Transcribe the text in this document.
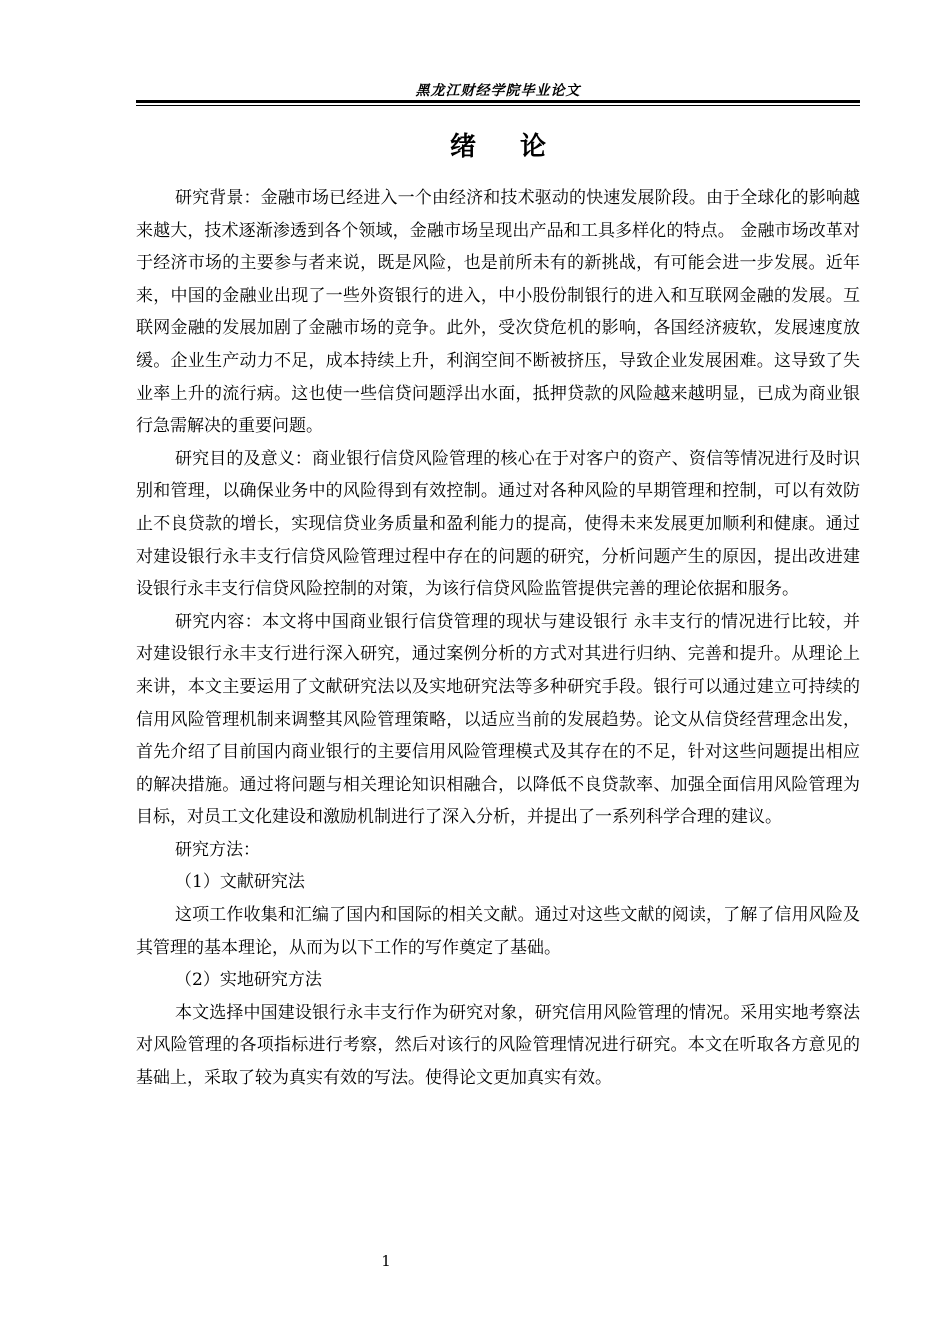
黑龙江财经学院毕业论文
绪 论

研究背景：金融市场已经进入一个由经济和技术驱动的快速发展阶段。由于全球化的影响越来越大，技术逐渐渗透到各个领域，金融市场呈现出产品和工具多样化的特点。 金融市场改革对于经济市场的主要参与者来说，既是风险，也是前所未有的新挑战，有可能会进一步发展。近年来，中国的金融业出现了一些外资银行的进入，中小股份制银行的进入和互联网金融的发展。互联网金融的发展加剧了金融市场的竞争。此外，受次贷危机的影响，各国经济疲软，发展速度放缓。企业生产动力不足，成本持续上升，利润空间不断被挤压，导致企业发展困难。这导致了失业率上升的流行病。这也使一些信贷问题浮出水面，抵押贷款的风险越来越明显，已成为商业银行急需解决的重要问题。

研究目的及意义：商业银行信贷风险管理的核心在于对客户的资产、资信等情况进行及时识别和管理，以确保业务中的风险得到有效控制。通过对各种风险的早期管理和控制，可以有效防止不良贷款的增长，实现信贷业务质量和盈利能力的提高，使得未来发展更加顺利和健康。通过对建设银行永丰支行信贷风险管理过程中存在的问题的研究，分析问题产生的原因，提出改进建设银行永丰支行信贷风险控制的对策，为该行信贷风险监管提供完善的理论依据和服务。

研究内容：本文将中国商业银行信贷管理的现状与建设银行 永丰支行的情况进行比较，并对建设银行永丰支行进行深入研究，通过案例分析的方式对其进行归纳、完善和提升。从理论上来讲，本文主要运用了文献研究法以及实地研究法等多种研究手段。银行可以通过建立可持续的信用风险管理机制来调整其风险管理策略，以适应当前的发展趋势。论文从信贷经营理念出发，首先介绍了目前国内商业银行的主要信用风险管理模式及其存在的不足，针对这些问题提出相应的解决措施。通过将问题与相关理论知识相融合，以降低不良贷款率、加强全面信用风险管理为目标，对员工文化建设和激励机制进行了深入分析，并提出了一系列科学合理的建议。

研究方法：

（1）文献研究法

这项工作收集和汇编了国内和国际的相关文献。通过对这些文献的阅读，了解了信用风险及其管理的基本理论，从而为以下工作的写作奠定了基础。

（2）实地研究方法

本文选择中国建设银行永丰支行作为研究对象，研究信用风险管理的情况。采用实地考察法对风险管理的各项指标进行考察，然后对该行的风险管理情况进行研究。本文在听取各方意见的基础上，采取了较为真实有效的写法。使得论文更加真实有效。

1
